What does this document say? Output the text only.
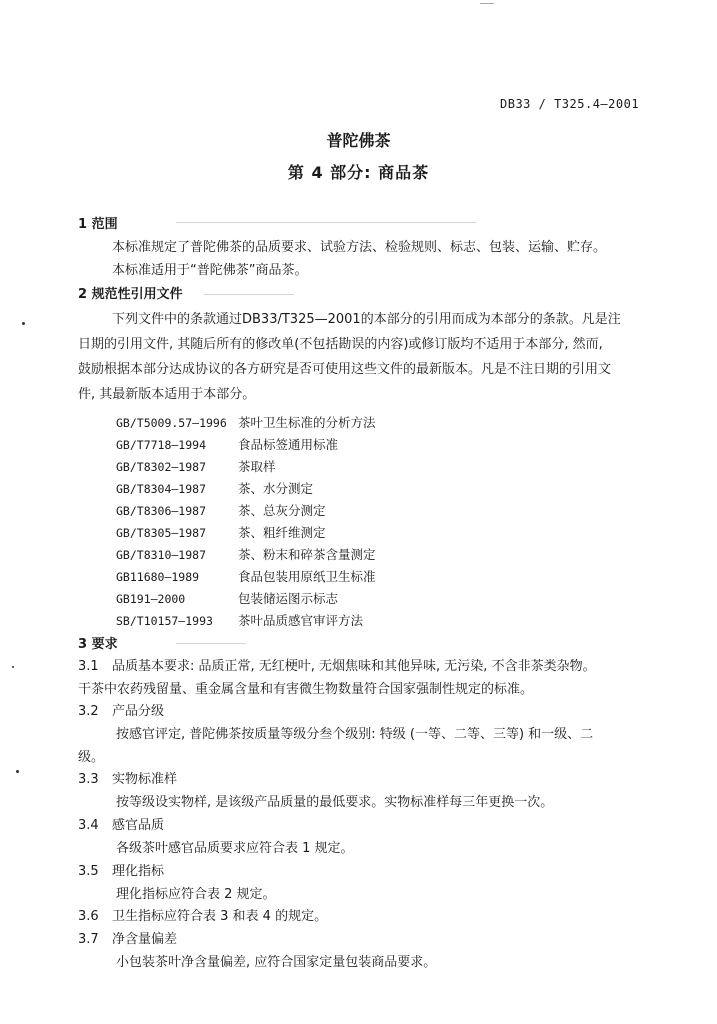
DB33 / T325.4—2001
普陀佛茶
第 4 部分: 商品茶
1 范围
本标准规定了普陀佛茶的品质要求、试验方法、检验规则、标志、包装、运输、贮存。
本标准适用于“普陀佛茶”商品茶。
2 规范性引用文件
下列文件中的条款通过DB33/T325—2001的本部分的引用而成为本部分的条款。凡是注
日期的引用文件, 其随后所有的修改单(不包括勘误的内容)或修订版均不适用于本部分, 然而,
鼓励根据本部分达成协议的各方研究是否可使用这些文件的最新版本。凡是不注日期的引用文
件, 其最新版本适用于本部分。
GB/T5009.57—1996 茶叶卫生标准的分析方法
GB/T7718—1994	食品标签通用标准
GB/T8302—1987	茶取样
GB/T8304—1987	茶、水分测定
GB/T8306—1987	茶、总灰分测定
GB/T8305—1987	茶、粗纤维测定
GB/T8310—1987	茶、粉末和碎茶含量测定
GB11680—1989	食品包装用原纸卫生标准
GB191—2000	包装储运图示标志
SB/T10157—1993 茶叶品质感官审评方法
3 要求
3.1 品质基本要求: 品质正常, 无红梗叶, 无烟焦味和其他异味, 无污染, 不含非茶类杂物。
干茶中农药残留量、重金属含量和有害微生物数量符合国家强制性规定的标准。
3.2 产品分级
按感官评定, 普陀佛茶按质量等级分叁个级别: 特级 (一等、二等、三等) 和一级、二
级。
3.3 实物标准样
按等级设实物样, 是该级产品质量的最低要求。实物标准样每三年更换一次。
3.4 感官品质
各级茶叶感官品质要求应符合表 1 规定。
3.5 理化指标
理化指标应符合表 2 规定。
3.6 卫生指标应符合表 3 和表 4 的规定。
3.7 净含量偏差
小包装茶叶净含量偏差, 应符合国家定量包装商品要求。
